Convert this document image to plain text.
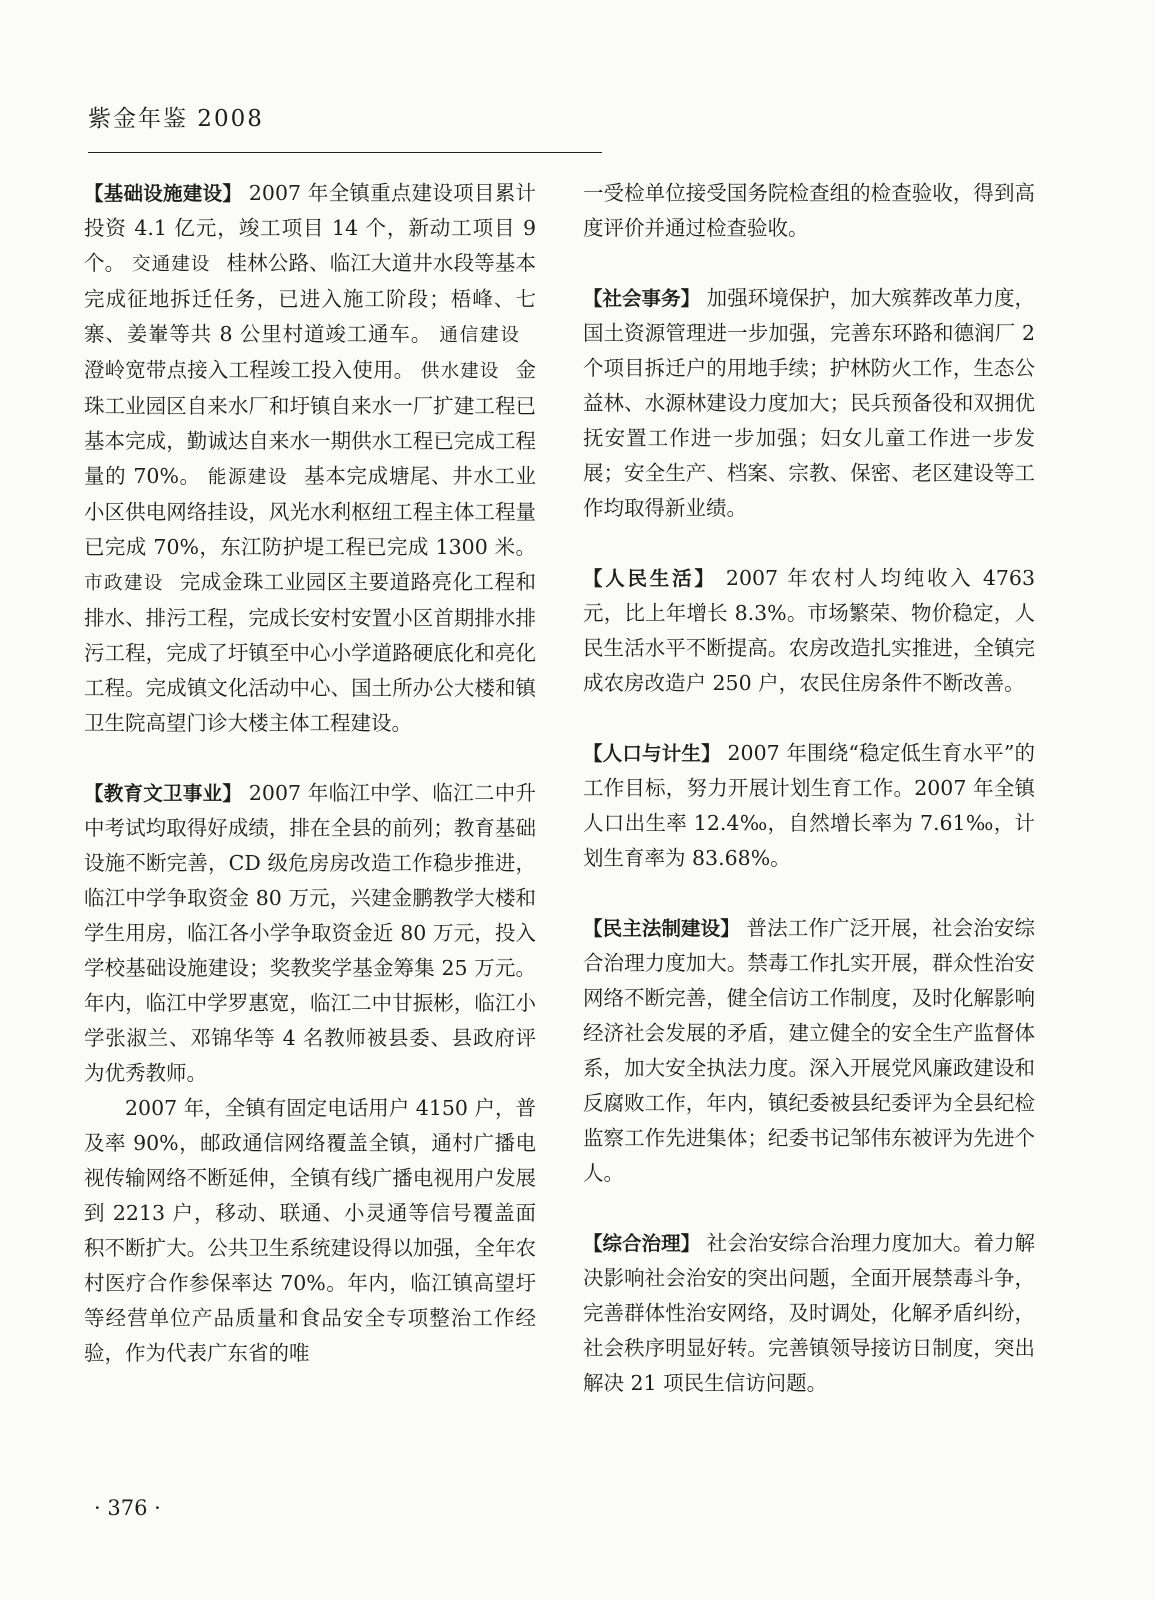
紫金年鉴 2008

【基础设施建设】 2007 年全镇重点建设项目累计投资 4.1 亿元，竣工项目 14 个，新动工项目 9 个。 交通建设 桂林公路、临江大道井水段等基本完成征地拆迁任务，已进入施工阶段；梧峰、七寨、姜輋等共 8 公里村道竣工通车。 通信建设澄岭宽带点接入工程竣工投入使用。 供水建设 金珠工业园区自来水厂和圩镇自来水一厂扩建工程已基本完成，勤诚达自来水一期供水工程已完成工程量的 70%。 能源建设 基本完成塘尾、井水工业小区供电网络挂设，风光水利枢纽工程主体工程量已完成 70%，东江防护堤工程已完成 1300 米。 市政建设 完成金珠工业园区主要道路亮化工程和排水、排污工程，完成长安村安置小区首期排水排污工程，完成了圩镇至中心小学道路硬底化和亮化工程。完成镇文化活动中心、国土所办公大楼和镇卫生院高望门诊大楼主体工程建设。

【教育文卫事业】 2007 年临江中学、临江二中升中考试均取得好成绩，排在全县的前列；教育基础设施不断完善，CD 级危房房改造工作稳步推进，临江中学争取资金 80 万元，兴建金鹏教学大楼和学生用房，临江各小学争取资金近 80 万元，投入学校基础设施建设；奖教奖学基金筹集 25 万元。年内，临江中学罗惠宽，临江二中甘振彬，临江小学张淑兰、邓锦华等 4 名教师被县委、县政府评为优秀教师。

2007 年，全镇有固定电话用户 4150 户，普及率 90%，邮政通信网络覆盖全镇，通村广播电视传输网络不断延伸，全镇有线广播电视用户发展到 2213 户，移动、联通、小灵通等信号覆盖面积不断扩大。公共卫生系统建设得以加强，全年农村医疗合作参保率达 70%。年内，临江镇高望圩等经营单位产品质量和食品安全专项整治工作经验，作为代表广东省的唯

一受检单位接受国务院检查组的检查验收，得到高度评价并通过检查验收。

【社会事务】 加强环境保护，加大殡葬改革力度，国土资源管理进一步加强，完善东环路和德润厂 2 个项目拆迁户的用地手续；护林防火工作，生态公益林、水源林建设力度加大；民兵预备役和双拥优抚安置工作进一步加强；妇女儿童工作进一步发展；安全生产、档案、宗教、保密、老区建设等工作均取得新业绩。

【人民生活】 2007 年农村人均纯收入 4763 元，比上年增长 8.3%。市场繁荣、物价稳定，人民生活水平不断提高。农房改造扎实推进，全镇完成农房改造户 250 户，农民住房条件不断改善。

【人口与计生】 2007 年围绕“稳定低生育水平”的工作目标，努力开展计划生育工作。2007 年全镇人口出生率 12.4‰，自然增长率为 7.61‰，计划生育率为 83.68%。

【民主法制建设】 普法工作广泛开展，社会治安综合治理力度加大。禁毒工作扎实开展，群众性治安网络不断完善，健全信访工作制度，及时化解影响经济社会发展的矛盾，建立健全的安全生产监督体系，加大安全执法力度。深入开展党风廉政建设和反腐败工作，年内，镇纪委被县纪委评为全县纪检监察工作先进集体；纪委书记邹伟东被评为先进个人。

【综合治理】 社会治安综合治理力度加大。着力解决影响社会治安的突出问题，全面开展禁毒斗争，完善群体性治安网络，及时调处，化解矛盾纠纷，社会秩序明显好转。完善镇领导接访日制度，突出解决 21 项民生信访问题。

· 376 ·
